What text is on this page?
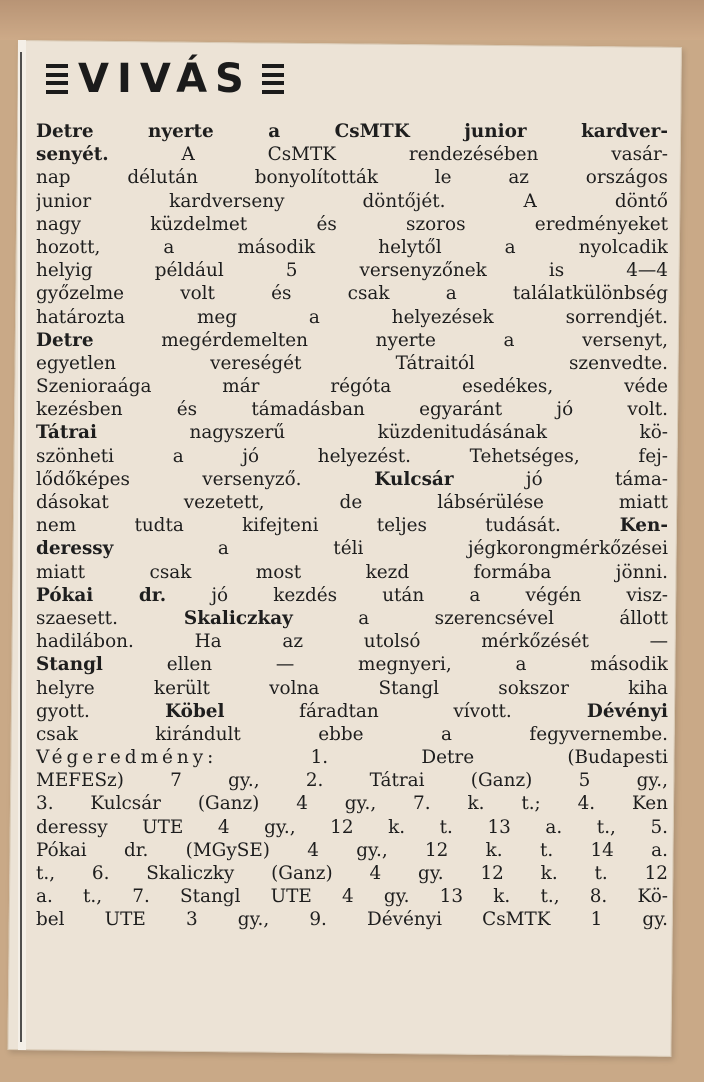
VIVÁS
Detre nyerte a CsMTK junior kardver-
senyét. A CsMTK rendezésében vasár-
nap délután bonyolították le az országos
junior kardverseny döntőjét. A döntő
nagy küzdelmet és szoros eredményeket
hozott, a második helytől a nyolcadik
helyig például 5 versenyzőnek is 4—4
győzelme volt és csak a találatkülönbség
határozta meg a helyezések sorrendjét.
Detre megérdemelten nyerte a versenyt,
egyetlen vereségét Tátraitól szenvedte.
Szenioraága már régóta esedékes, véde
kezésben és támadásban egyaránt jó volt.
Tátrai nagyszerű küzdenitudásának kö-
szönheti a jó helyezést. Tehetséges, fej-
lődőképes versenyző. Kulcsár jó táma-
dásokat vezetett, de lábsérülése miatt
nem tudta kifejteni teljes tudását. Ken-
deressy a téli jégkorongmérkőzései
miatt csak most kezd formába jönni.
Pókai dr. jó kezdés után a végén visz-
szaesett. Skaliczkay a szerencsével állott
hadilábon. Ha az utolsó mérkőzését —
Stangl ellen — megnyeri, a második
helyre került volna Stangl sokszor kiha
gyott. Köbel fáradtan vívott. Dévényi
csak kirándult ebbe a fegyvernembe.
Végeredmény: 1. Detre (Budapesti
MEFESz) 7 gy., 2. Tátrai (Ganz) 5 gy.,
3. Kulcsár (Ganz) 4 gy., 7. k. t.; 4. Ken
deressy UTE 4 gy., 12 k. t. 13 a. t., 5.
Pókai dr. (MGySE) 4 gy., 12 k. t. 14 a.
t., 6. Skaliczky (Ganz) 4 gy. 12 k. t. 12
a. t., 7. Stangl UTE 4 gy. 13 k. t., 8. Kö-
bel UTE 3 gy., 9. Dévényi CsMTK 1 gy.
